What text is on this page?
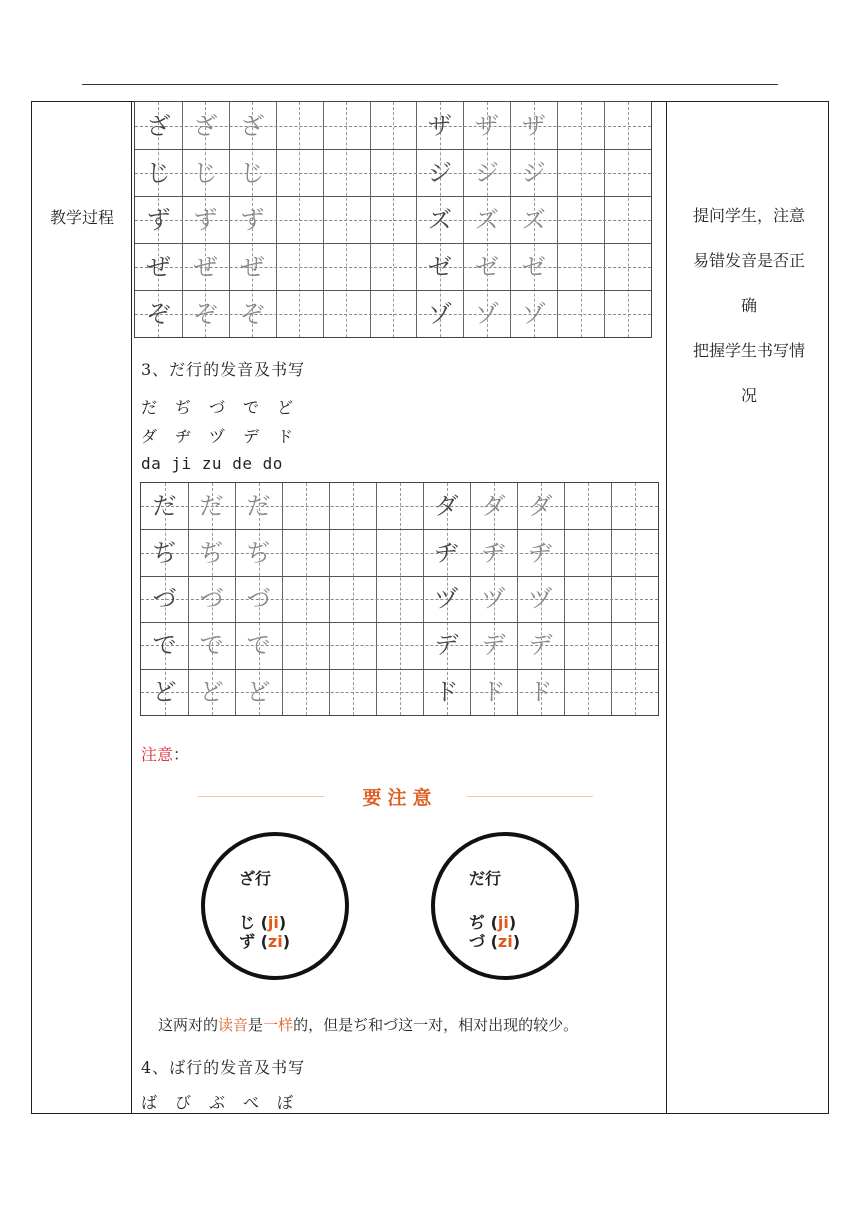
教学过程	提问学生，注意
易错发音是否正
确
把握学生书写情
况
ざ ざ ざ	ザ ザ ザ
じ じ じ	ジ ジ ジ
ず ず ず	ズ ズ ズ
ぜ ぜ ぜ	ゼ ゼ ゼ
ぞ ぞ ぞ	ゾ ゾ ゾ
3、だ行的发音及书写
だ　ぢ　づ　で　ど
ダ　ヂ　ヅ　デ　ド
da ji zu de do
だ だ だ	ダ ダ ダ
ぢ ぢ ぢ	ヂ ヂ ヂ
づ づ づ	ヅ ヅ ヅ
で で で	デ デ デ
ど ど ど	ド ド ド
注意：
要注意
ざ行
じ (ji)
ず (zi)
だ行
ぢ (ji)
づ (zi)
这两对的读音是一样的，但是ぢ和づ这一对，相对出现的较少。
4、ば行的发音及书写
ば　び　ぶ　べ　ぼ
